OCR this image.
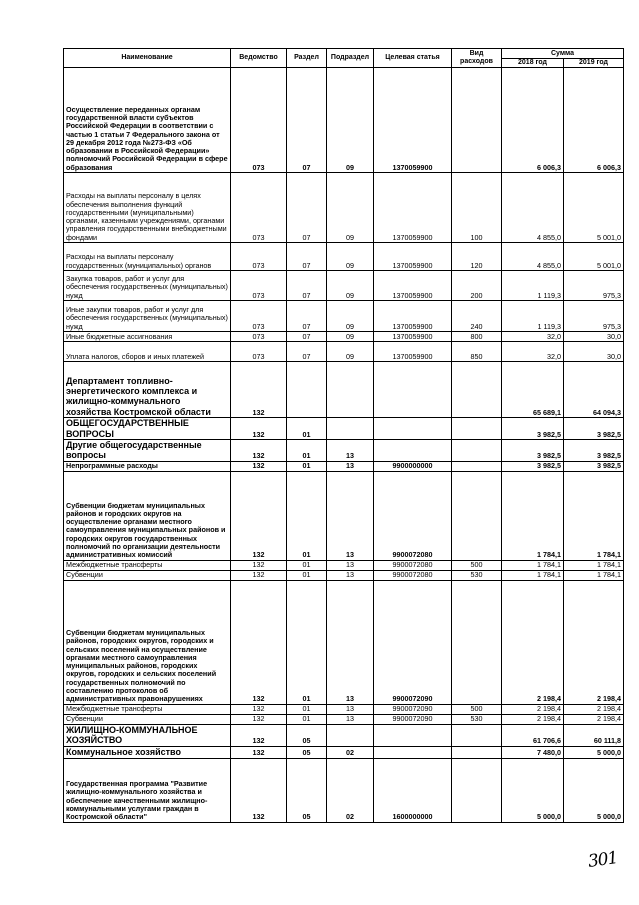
Наименование	Ведомство	Раздел	Подраздел	Целевая статья	Вид расходов	Сумма	
						2018 год	2019 год
Осуществление переданных органам государственной власти субъектов Российской Федерации в соответствии с частью 1 статьи 7 Федерального закона от 29 декабря 2012 года №273-ФЗ «Об образовании в Российской Федерации» полномочий Российской Федерации в сфере образования	073	07	09	1370059900		6 006,3	6 006,3
Расходы на выплаты персоналу в целях обеспечения выполнения функций государственными (муниципальными) органами, казенными учреждениями, органами управления государственными внебюджетными фондами	073	07	09	1370059900	100	4 855,0	5 001,0
Расходы на выплаты персоналу государственных (муниципальных) органов	073	07	09	1370059900	120	4 855,0	5 001,0
Закупка товаров, работ и услуг для обеспечения государственных (муниципальных) нужд	073	07	09	1370059900	200	1 119,3	975,3
Иные закупки товаров, работ и услуг для обеспечения государственных (муниципальных) нужд	073	07	09	1370059900	240	1 119,3	975,3
Иные бюджетные ассигнования	073	07	09	1370059900	800	32,0	30,0
Уплата налогов, сборов и иных платежей	073	07	09	1370059900	850	32,0	30,0
Департамент топливно-энергетического комплекса и жилищно-коммунального хозяйства Костромской области	132					65 689,1	64 094,3
ОБЩЕГОСУДАРСТВЕННЫЕ ВОПРОСЫ	132	01				3 982,5	3 982,5
Другие общегосударственные вопросы	132	01	13			3 982,5	3 982,5
Непрограммные расходы	132	01	13	9900000000		3 982,5	3 982,5
Субвенции бюджетам муниципальных районов и городских округов на осуществление органами местного самоуправления муниципальных районов и городских округов государственных полномочий по организации деятельности административных комиссий	132	01	13	9900072080		1 784,1	1 784,1
Межбюджетные трансферты	132	01	13	9900072080	500	1 784,1	1 784,1
Субвенции	132	01	13	9900072080	530	1 784,1	1 784,1
Субвенции бюджетам муниципальных районов, городских округов, городских и сельских поселений на осуществление органами местного самоуправления муниципальных районов, городских округов, городских и сельских поселений государственных полномочий по составлению протоколов об административных правонарушениях	132	01	13	9900072090		2 198,4	2 198,4
Межбюджетные трансферты	132	01	13	9900072090	500	2 198,4	2 198,4
Субвенции	132	01	13	9900072090	530	2 198,4	2 198,4
ЖИЛИЩНО-КОММУНАЛЬНОЕ ХОЗЯЙСТВО	132	05				61 706,6	60 111,8
Коммунальное хозяйство	132	05	02			7 480,0	5 000,0
Государственная программа "Развитие жилищно-коммунального хозяйства и обеспечение качественными жилищно-коммунальными услугами граждан в Костромской области"	132	05	02	1600000000		5 000,0	5 000,0
301
